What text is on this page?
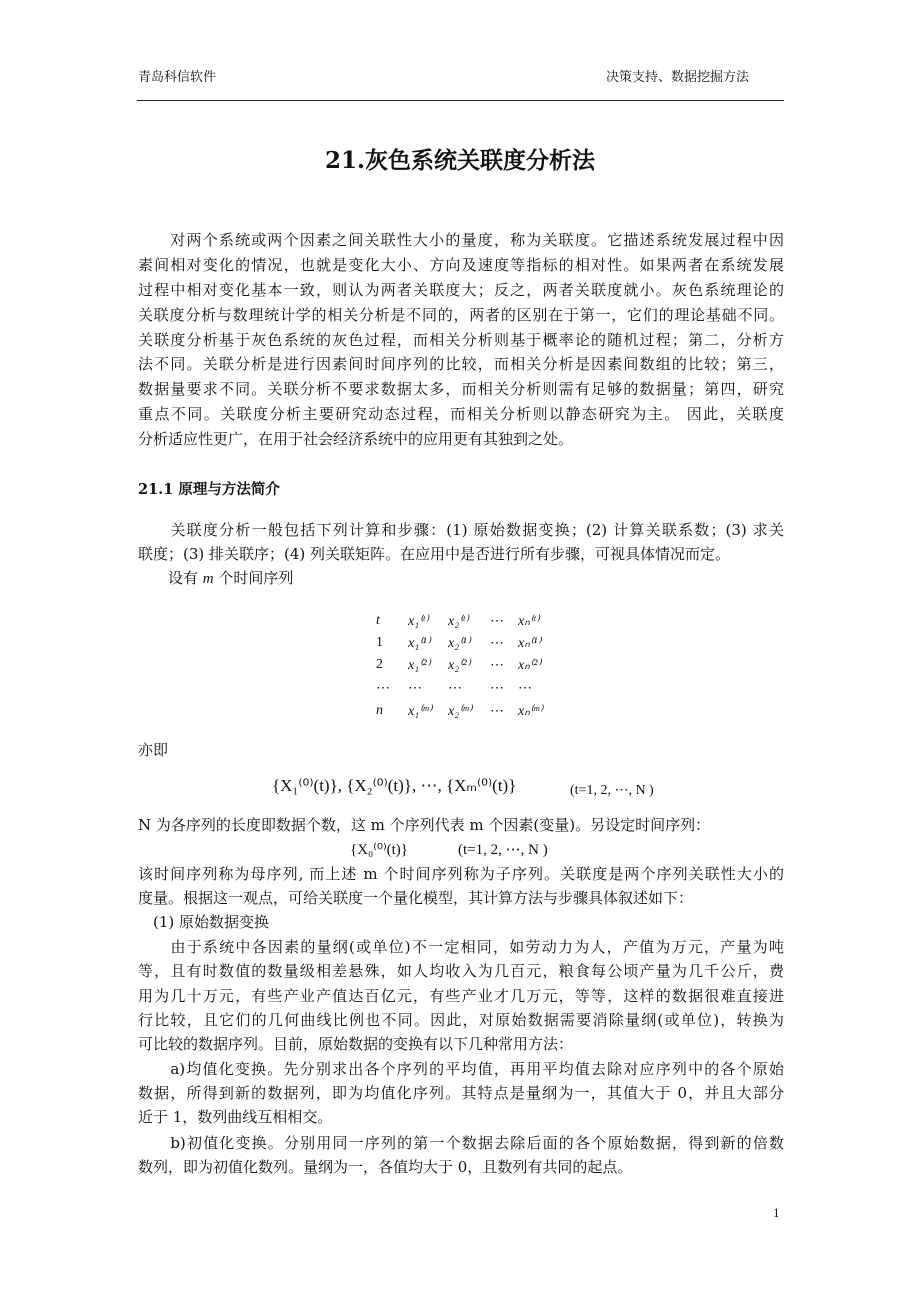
青岛科信软件	决策支持、数据挖掘方法
21.灰色系统关联度分析法
　　对两个系统或两个因素之间关联性大小的量度，称为关联度。它描述系统发展过程中因
素间相对变化的情况，也就是变化大小、方向及速度等指标的相对性。如果两者在系统发展
过程中相对变化基本一致，则认为两者关联度大；反之，两者关联度就小。灰色系统理论的
关联度分析与数理统计学的相关分析是不同的，两者的区别在于第一，它们的理论基础不同。
关联度分析基于灰色系统的灰色过程，而相关分析则基于概率论的随机过程；第二，分析方
法不同。关联分析是进行因素间时间序列的比较，而相关分析是因素间数组的比较；第三，
数据量要求不同。关联分析不要求数据太多，而相关分析则需有足够的数据量；第四，研究
重点不同。关联度分析主要研究动态过程，而相关分析则以静态研究为主。 因此，关联度
分析适应性更广，在用于社会经济系统中的应用更有其独到之处。
　　关联度分析一般包括下列计算和步骤：(1) 原始数据变换；(2) 计算关联系数；(3) 求关
联度；(3) 排关联序；(4) 列关联矩阵。在应用中是否进行所有步骤，可视具体情况而定。
该时间序列称为母序列, 而上述 m 个时间序列称为子序列。关联度是两个序列关联性大小的
度量。根据这一观点，可给关联度一个量化模型，其计算方法与步骤具体叙述如下：
　　由于系统中各因素的量纲(或单位)不一定相同，如劳动力为人，产值为万元，产量为吨
等，且有时数值的数量级相差悬殊，如人均收入为几百元，粮食每公顷产量为几千公斤，费
用为几十万元，有些产业产值达百亿元，有些产业才几万元，等等，这样的数据很难直接进
行比较，且它们的几何曲线比例也不同。因此，对原始数据需要消除量纲(或单位)，转换为
可比较的数据序列。目前，原始数据的变换有以下几种常用方法：
　　a)均值化变换。先分别求出各个序列的平均值，再用平均值去除对应序列中的各个原始
数据，所得到新的数据列，即为均值化序列。其特点是量纲为一，其值大于 0，并且大部分
近于 1，数列曲线互相相交。
　　b)初值化变换。分别用同一序列的第一个数据去除后面的各个原始数据，得到新的倍数
数列，即为初值化数列。量纲为一，各值均大于 0，且数列有共同的起点。
21.1 原理与方法简介
　　设有 m 个时间序列
t x₁⁽ᵗ⁾ x₂⁽ᵗ⁾ ⋯ xₙ⁽ᵗ⁾
1 x₁⁽¹⁾ x₂⁽¹⁾ ⋯ xₙ⁽¹⁾
2 x₁⁽²⁾ x₂⁽²⁾ ⋯ xₙ⁽²⁾
⋯ ⋯ ⋯ ⋯ ⋯
n x₁⁽ᵐ⁾ x₂⁽ᵐ⁾ ⋯ xₙ⁽ᵐ⁾
亦即
{X₁⁽⁰⁾(t)}, {X₂⁽⁰⁾(t)}, ⋯, {Xₘ⁽⁰⁾(t)}	(t=1, 2, ⋯, N )
N 为各序列的长度即数据个数，这 m 个序列代表 m 个因素(变量)。另设定时间序列：
{X₀⁽⁰⁾(t)}	(t=1, 2, ⋯, N )
　(1) 原始数据变换
1
